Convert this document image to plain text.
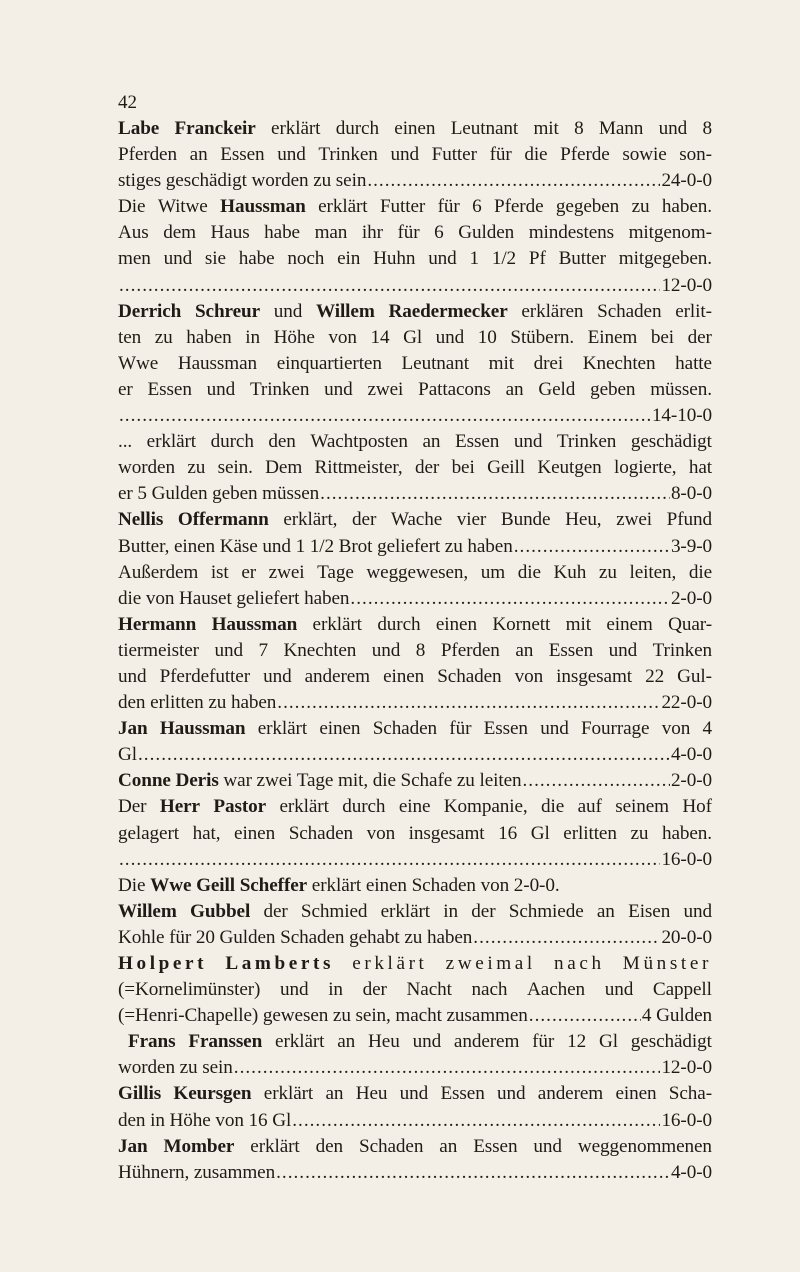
42
Labe Franckeir erklärt durch einen Leutnant mit 8 Mann und 8
Pferden an Essen und Trinken und Futter für die Pferde sowie son-
stiges geschädigt worden zu sein .....	24-0-0
Die Witwe Haussman erklärt Futter für 6 Pferde gegeben zu haben.
Aus dem Haus habe man ihr für 6 Gulden mindestens mitgenom-
men und sie habe noch ein Huhn und 1 1/2 Pf Butter mitgegeben.
.....
12-0-0
Derrich Schreur und Willem Raedermecker erklären Schaden erlit-
ten zu haben in Höhe von 14 Gl und 10 Stübern. Einem bei der
Wwe Haussman einquartierten Leutnant mit drei Knechten hatte
er Essen und Trinken und zwei Pattacons an Geld geben müssen.
.....
14-10-0
... erklärt durch den Wachtposten an Essen und Trinken geschädigt
worden zu sein. Dem Rittmeister, der bei Geill Keutgen logierte, hat
er 5 Gulden geben müssen .....	8-0-0
Nellis Offermann erklärt, der Wache vier Bunde Heu, zwei Pfund
Butter, einen Käse und 1 1/2 Brot geliefert zu haben .....	3-9-0
Außerdem ist er zwei Tage weggewesen, um die Kuh zu leiten, die
die von Hauset geliefert haben .....	2-0-0
Hermann Haussman erklärt durch einen Kornett mit einem Quar-
tiermeister und 7 Knechten und 8 Pferden an Essen und Trinken
und Pferdefutter und anderem einen Schaden von insgesamt 22 Gul-
den erlitten zu haben .....	22-0-0
Jan Haussman erklärt einen Schaden für Essen und Fourrage von 4
Gl .....	4-0-0
Conne Deris war zwei Tage mit, die Schafe zu leiten .....	2-0-0
Der Herr Pastor erklärt durch eine Kompanie, die auf seinem Hof
gelagert hat, einen Schaden von insgesamt 16 Gl erlitten zu haben.
.....
16-0-0
Die Wwe Geill Scheffer erklärt einen Schaden von 2-0-0.
Willem Gubbel der Schmied erklärt in der Schmiede an Eisen und
Kohle für 20 Gulden Schaden gehabt zu haben .....	20-0-0
Holpert Lamberts erklärt zweimal nach Münster
(=Kornelimünster) und in der Nacht nach Aachen und Cappell
(=Henri-Chapelle) gewesen zu sein, macht zusammen .....	4 Gulden
Frans Franssen erklärt an Heu und anderem für 12 Gl geschädigt
worden zu sein .....	12-0-0
Gillis Keursgen erklärt an Heu und Essen und anderem einen Scha-
den in Höhe von 16 Gl .....	16-0-0
Jan Momber erklärt den Schaden an Essen und weggenommenen
Hühnern, zusammen .....	4-0-0
